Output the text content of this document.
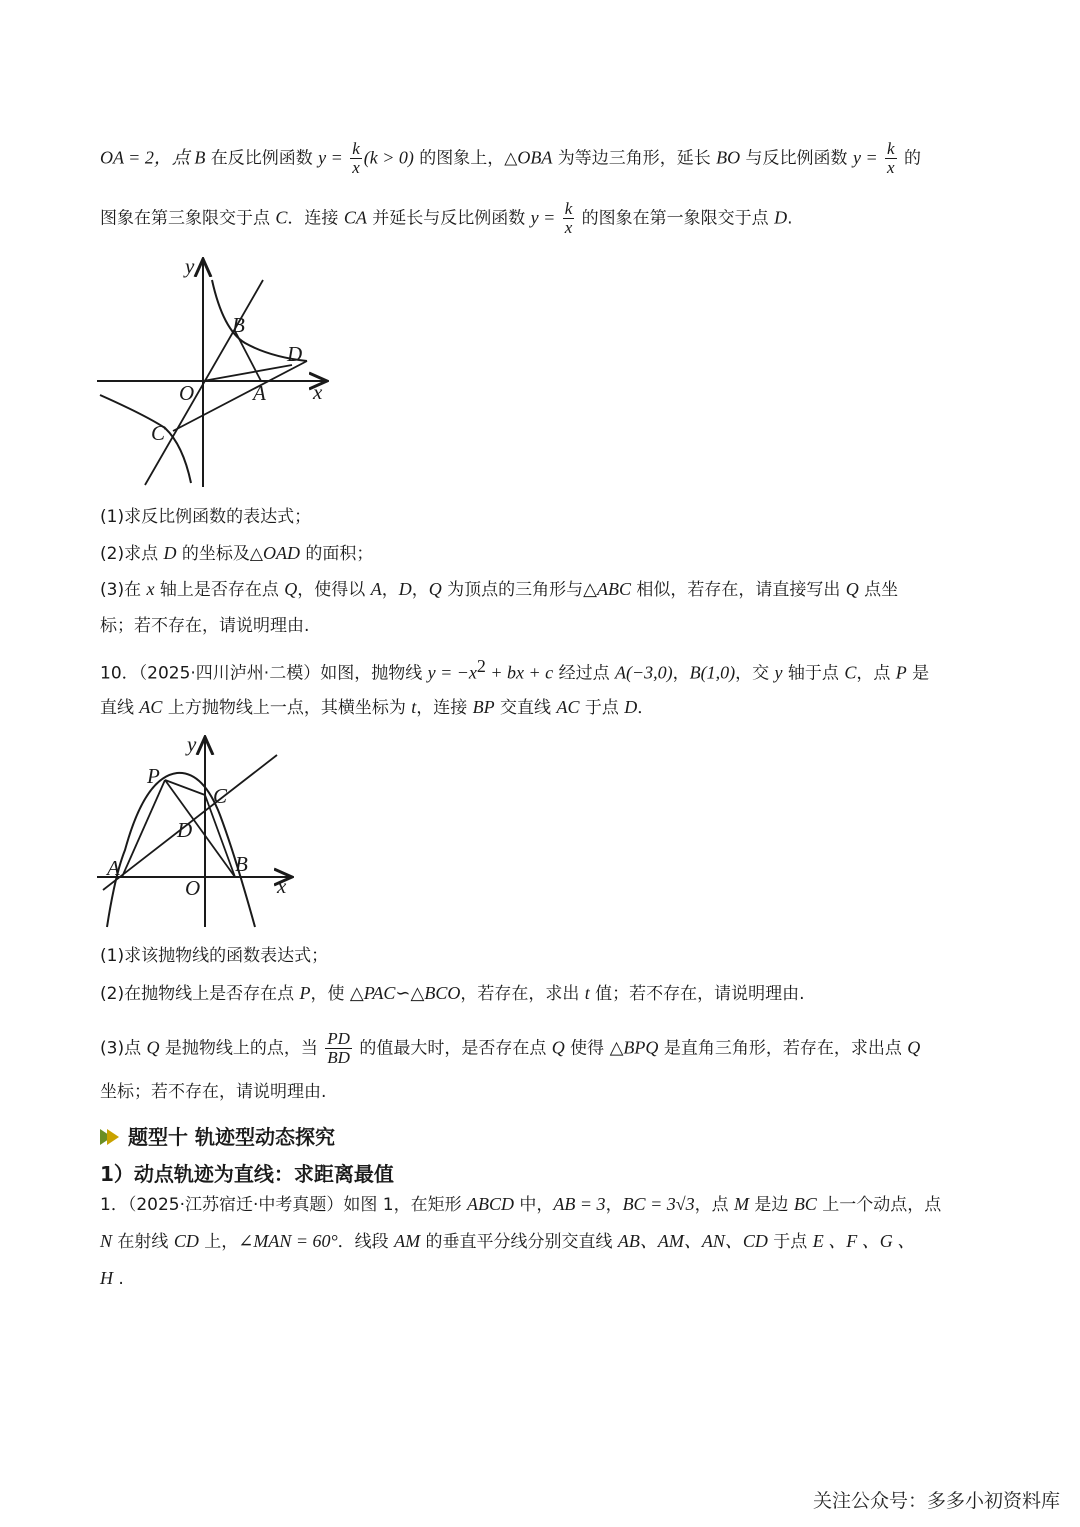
OA = 2，点 B 在反比例函数 $y = \frac{k}{x} (k > 0)$ 的图象上，△OBA 为等边三角形，延长 BO 与反比例函数 $y = \frac{k}{x}$ 的
图象在第三象限交于点 C．连接 CA 并延长与反比例函数 $y = \frac{k}{x}$ 的图象在第一象限交于点 D.
y
x
O	A
B
C
D
(1)求反比例函数的表达式；
(2)求点 D 的坐标及△OAD 的面积；
(3)在 x 轴上是否存在点 Q，使得以 A，D，Q 为顶点的三角形与△ABC 相似，若存在，请直接写出 Q 点坐
标；若不存在，请说明理由.
10．（2025·四川泸州·二模）如图，抛物线 $y = -x^2$ + bx + c 经过点 A(−3,0)，B(1,0)，交 y 轴于点 C，点 P 是
直线 AC 上方抛物线上一点，其横坐标为 t，连接 BP 交直线 AC 于点 D．
y
x
O
A	B
C
D
P
(1)求该抛物线的函数表达式；
(2)在抛物线上是否存在点 P，使 △PAC∽△BCO，若存在，求出 t 值；若不存在，请说明理由.
(3)点 Q 是抛物线上的点，当 $\frac{PD}{BD}$ 的值最大时，是否存在点 Q 使得 △BPQ 是直角三角形，若存在，求出点 Q
坐标；若不存在，请说明理由.
题型十 轨迹型动态探究
1）动点轨迹为直线：求距离最值
1．（2025·江苏宿迁·中考真题）如图 1，在矩形 ABCD 中，AB = 3，BC = 3√3，点 M 是边 BC 上一个动点，点
N 在射线 CD 上，∠MAN = 60°．线段 AM 的垂直平分线分别交直线 AB、AM、AN、CD 于点 E 、F 、G 、
H .
关注公众号：多多小初资料库
